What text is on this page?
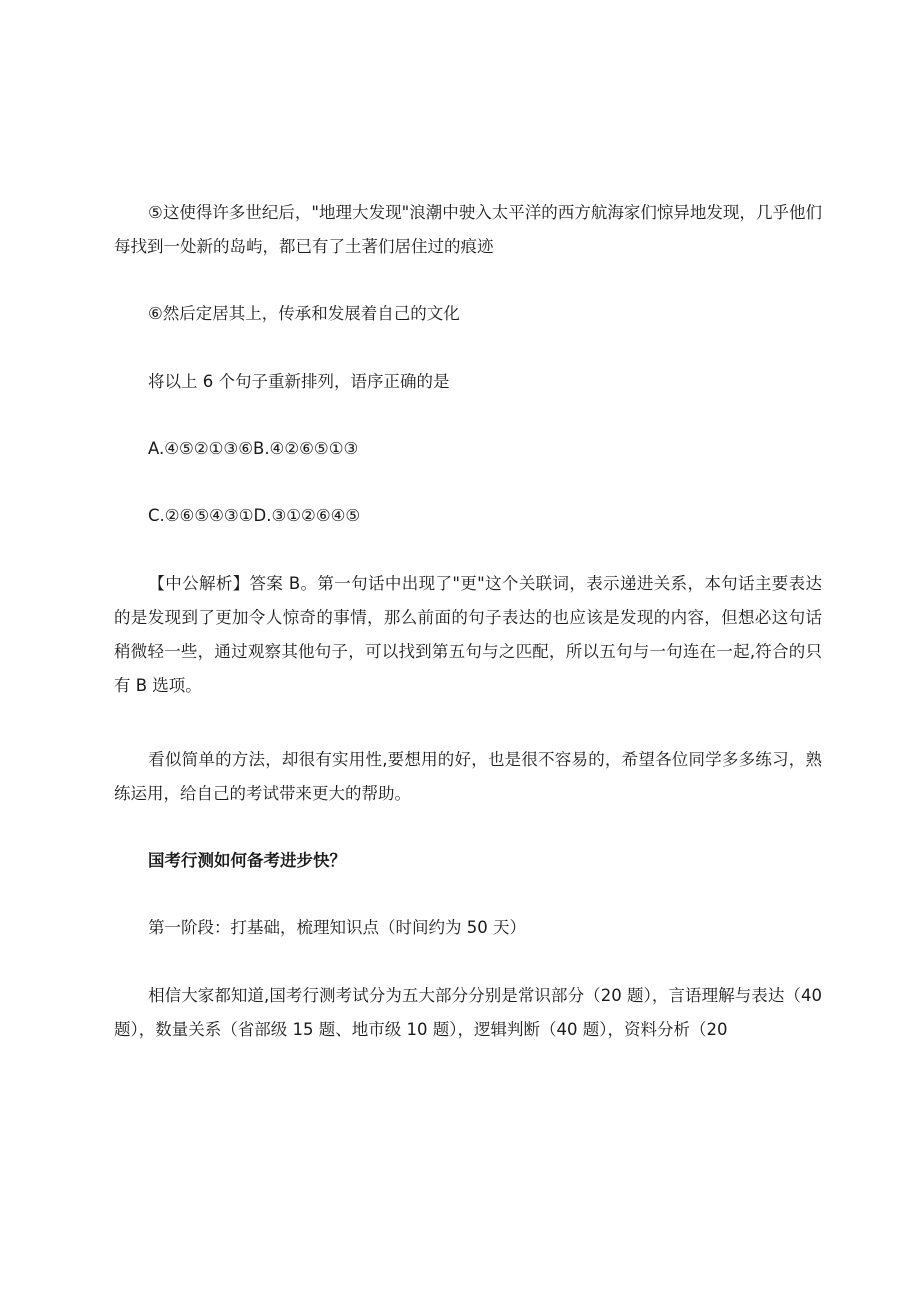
⑤这使得许多世纪后，"地理大发现"浪潮中驶入太平洋的西方航海家们惊异地发现，几乎他们每找到一处新的岛屿，都已有了土著们居住过的痕迹

⑥然后定居其上，传承和发展着自己的文化

将以上 6 个句子重新排列，语序正确的是

A.④⑤②①③⑥B.④②⑥⑤①③

C.②⑥⑤④③①D.③①②⑥④⑤

【中公解析】答案 B。第一句话中出现了"更"这个关联词，表示递进关系，本句话主要表达的是发现到了更加令人惊奇的事情，那么前面的句子表达的也应该是发现的内容，但想必这句话稍微轻一些，通过观察其他句子，可以找到第五句与之匹配，所以五句与一句连在一起,符合的只有 B 选项。

看似简单的方法，却很有实用性,要想用的好，也是很不容易的，希望各位同学多多练习，熟练运用，给自己的考试带来更大的帮助。

国考行测如何备考进步快？

第一阶段：打基础，梳理知识点（时间约为 50 天）

相信大家都知道,国考行测考试分为五大部分分别是常识部分（20 题），言语理解与表达（40 题），数量关系（省部级 15 题、地市级 10 题），逻辑判断（40 题），资料分析（20
